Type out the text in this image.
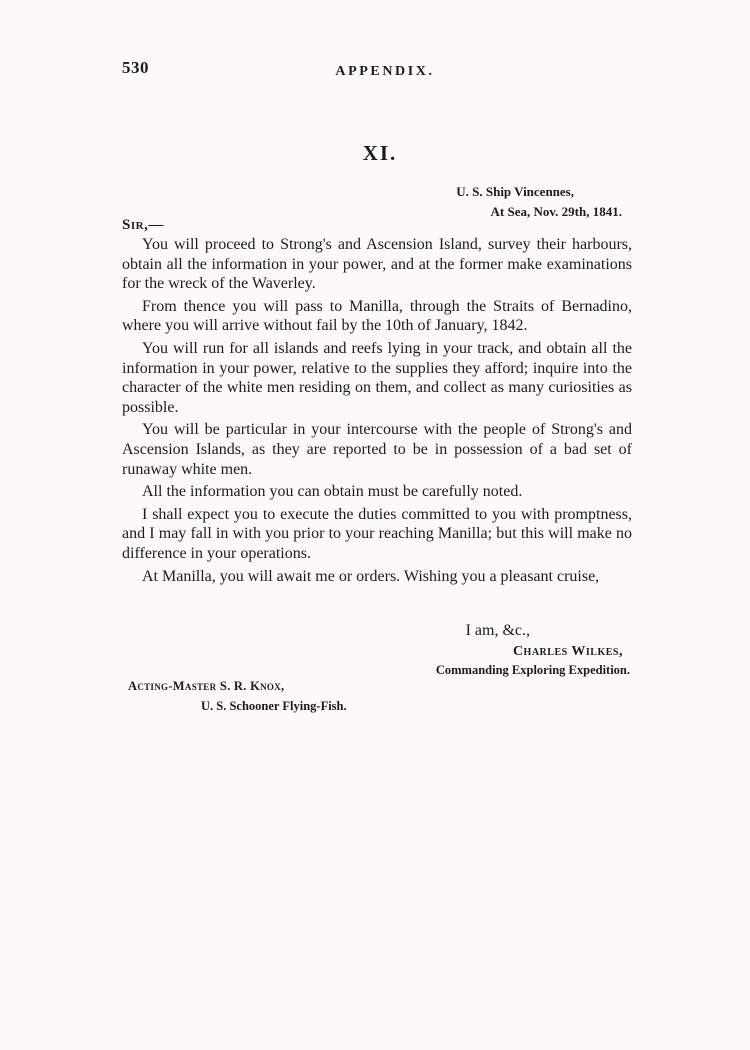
530	APPENDIX.
XI.
U. S. Ship Vincennes,
At Sea, Nov. 29th, 1841.
Sir,—

You will proceed to Strong's and Ascension Island, survey their harbours, obtain all the information in your power, and at the former make examinations for the wreck of the Waverley.

From thence you will pass to Manilla, through the Straits of Bernadino, where you will arrive without fail by the 10th of January, 1842.

You will run for all islands and reefs lying in your track, and obtain all the information in your power, relative to the supplies they afford; inquire into the character of the white men residing on them, and collect as many curiosities as possible.

You will be particular in your intercourse with the people of Strong's and Ascension Islands, as they are reported to be in possession of a bad set of runaway white men.

All the information you can obtain must be carefully noted.

I shall expect you to execute the duties committed to you with promptness, and I may fall in with you prior to your reaching Manilla; but this will make no difference in your operations.

At Manilla, you will await me or orders. Wishing you a pleasant cruise,

I am, &c.,
Charles Wilkes,
Commanding Exploring Expedition.
Acting-Master S. R. Knox,
U. S. Schooner Flying-Fish.
